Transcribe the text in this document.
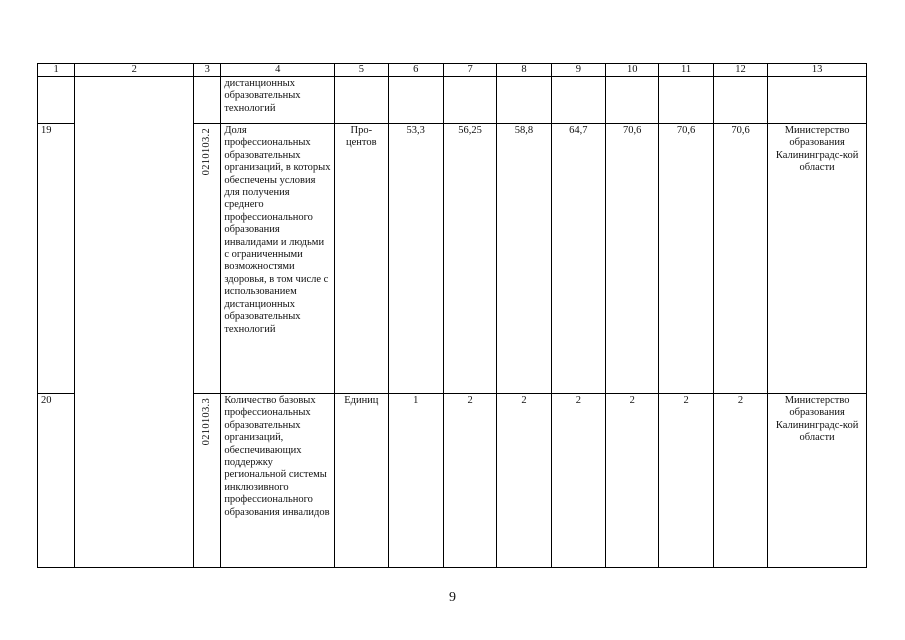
1	2	3	4	5	6	7	8	9	10	11	12	13
			дистанционных образовательных технологий									
19		0210103.2	Доля профессиональных образовательных организаций, в которых обеспечены условия для получения среднего профессионального образования инвалидами и людьми с ограниченными возможностями здоровья, в том числе с использованием дистанционных образовательных технологий	Про-центов	53,3	56,25	58,8	64,7	70,6	70,6	70,6	Министерство образования Калининградс-кой области
20		0210103.3	Количество базовых профессиональных образовательных организаций, обеспечивающих поддержку региональной системы инклюзивного профессионального образования инвалидов	Единиц	1	2	2	2	2	2	2	Министерство образования Калининградс-кой области
9
